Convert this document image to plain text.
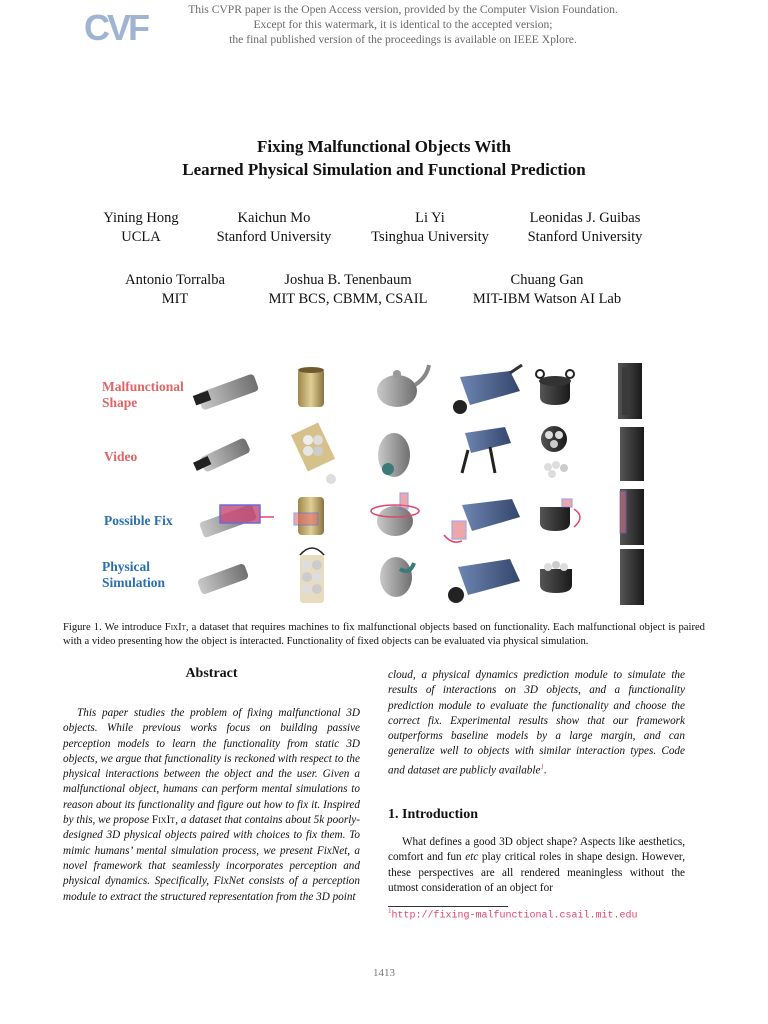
CVF	This CVPR paper is the Open Access version, provided by the Computer Vision Foundation.
Except for this watermark, it is identical to the accepted version;
the final published version of the proceedings is available on IEEE Xplore.
Fixing Malfunctional Objects With
Learned Physical Simulation and Functional Prediction
Yining Hong
UCLA
Kaichun Mo
Stanford University
Li Yi
Tsinghua University
Leonidas J. Guibas
Stanford University
Antonio Torralba
MIT
Joshua B. Tenenbaum
MIT BCS, CBMM, CSAIL
Chuang Gan
MIT-IBM Watson AI Lab
Malfunctional
Shape
Video
Possible Fix
Physical
Simulation
Figure 1. We introduce FixIt, a dataset that requires machines to fix malfunctional objects based on functionality. Each malfunctional object is paired with a video presenting how the object is interacted. Functionality of fixed objects can be evaluated via physical simulation.
Abstract
This paper studies the problem of fixing malfunctional 3D objects. While previous works focus on building passive perception models to learn the functionality from static 3D objects, we argue that functionality is reckoned with respect to the physical interactions between the object and the user. Given a malfunctional object, humans can perform mental simulations to reason about its functionality and figure out how to fix it. Inspired by this, we propose FixIt, a dataset that contains about 5k poorly-designed 3D physical objects paired with choices to fix them. To mimic humans’ mental simulation process, we present FixNet, a novel framework that seamlessly incorporates perception and physical dynamics. Specifically, FixNet consists of a perception module to extract the structured representation from the 3D point
cloud, a physical dynamics prediction module to simulate the results of interactions on 3D objects, and a functionality prediction module to evaluate the functionality and choose the correct fix. Experimental results show that our framework outperforms baseline models by a large margin, and can generalize well to objects with similar interaction types. Code and dataset are publicly available$^1$.
1. Introduction
What defines a good 3D object shape? Aspects like aesthetics, comfort and fun etc play critical roles in shape design. However, these perspectives are all rendered meaningless without the utmost consideration of an object for
$^1$http://fixing-malfunctional.csail.mit.edu
1413
